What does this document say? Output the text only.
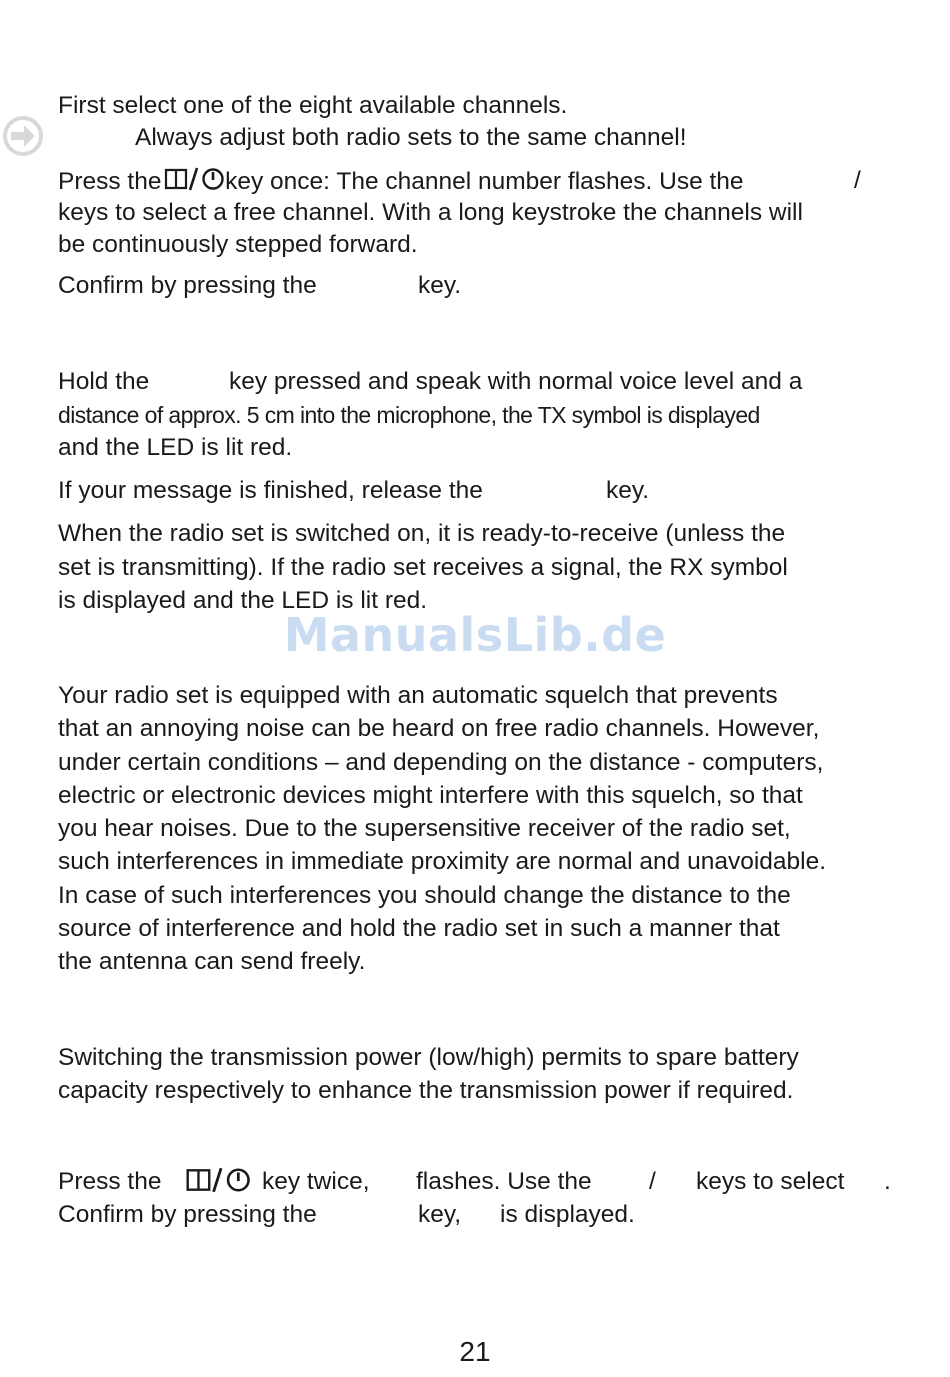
First select one of the eight available channels.
Always adjust both radio sets to the same channel!
Press the  key once: The channel number flashes. Use the	/
keys to select a free channel. With a long keystroke the channels will
be continuously stepped forward.
Confirm by pressing the	key.
Hold the	key pressed and speak with normal voice level and a
distance of approx. 5 cm into the microphone, the TX symbol is displayed
and the LED is lit red.
If your message is finished, release the	key.
When the radio set is switched on, it is ready-to-receive (unless the
set is transmitting). If the radio set receives a signal, the RX symbol
is displayed and the LED is lit red.
ManualsLib.de
Your radio set is equipped with an automatic squelch that prevents
that an annoying noise can be heard on free radio channels. However,
under certain conditions – and depending on the distance - computers,
electric or electronic devices might interfere with this squelch, so that
you hear noises. Due to the supersensitive receiver of the radio set,
such interferences in immediate proximity are normal and unavoidable.
In case of such interferences you should change the distance to the
source of interference and hold the radio set in such a manner that
the antenna can send freely.
Switching the transmission power (low/high) permits to spare battery
capacity respectively to enhance the transmission power if required.
Press the	key twice, flashes. Use the / keys to select .
Confirm by pressing the	key, is displayed.
21
